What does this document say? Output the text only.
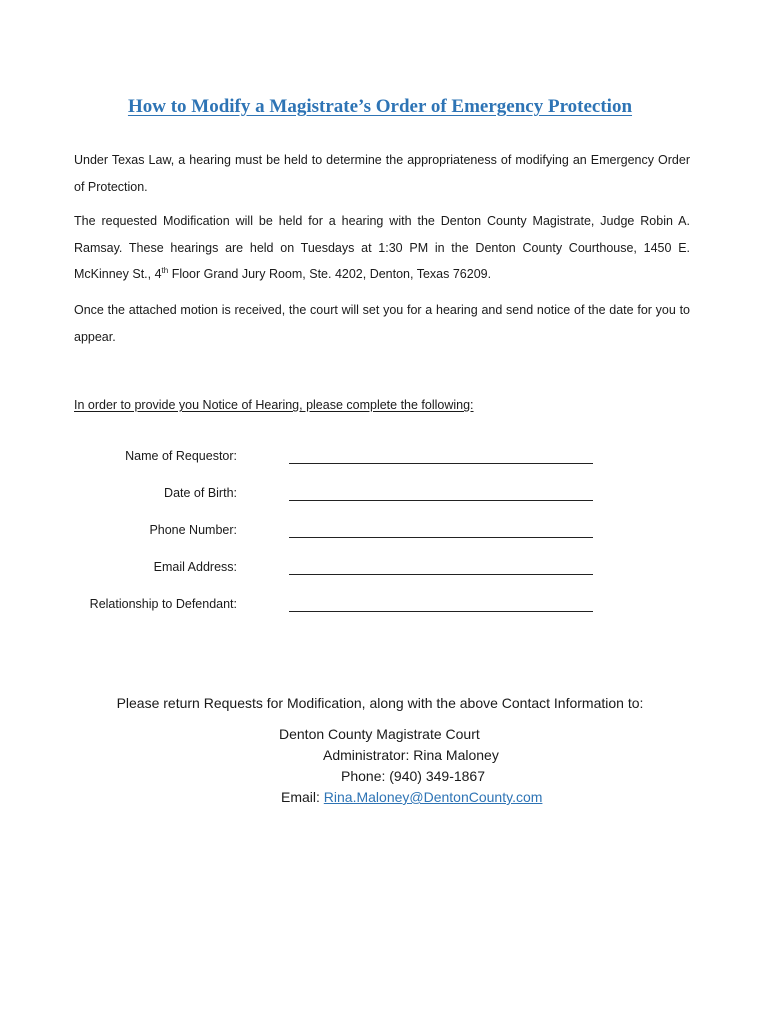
How to Modify a Magistrate’s Order of Emergency Protection

Under Texas Law, a hearing must be held to determine the appropriateness of modifying an Emergency Order of Protection.

The requested Modification will be held for a hearing with the Denton County Magistrate, Judge Robin A. Ramsay. These hearings are held on Tuesdays at 1:30 PM in the Denton County Courthouse, 1450 E. McKinney St., 4th Floor Grand Jury Room, Ste. 4202, Denton, Texas 76209.

Once the attached motion is received, the court will set you for a hearing and send notice of the date for you to appear.

In order to provide you Notice of Hearing, please complete the following:
Name of Requestor:
Date of Birth:
Phone Number:
Email Address:
Relationship to Defendant:
Please return Requests for Modification, along with the above Contact Information to:
Denton County Magistrate Court
Administrator: Rina Maloney
Phone: (940) 349-1867
Email: Rina.Maloney@DentonCounty.com
